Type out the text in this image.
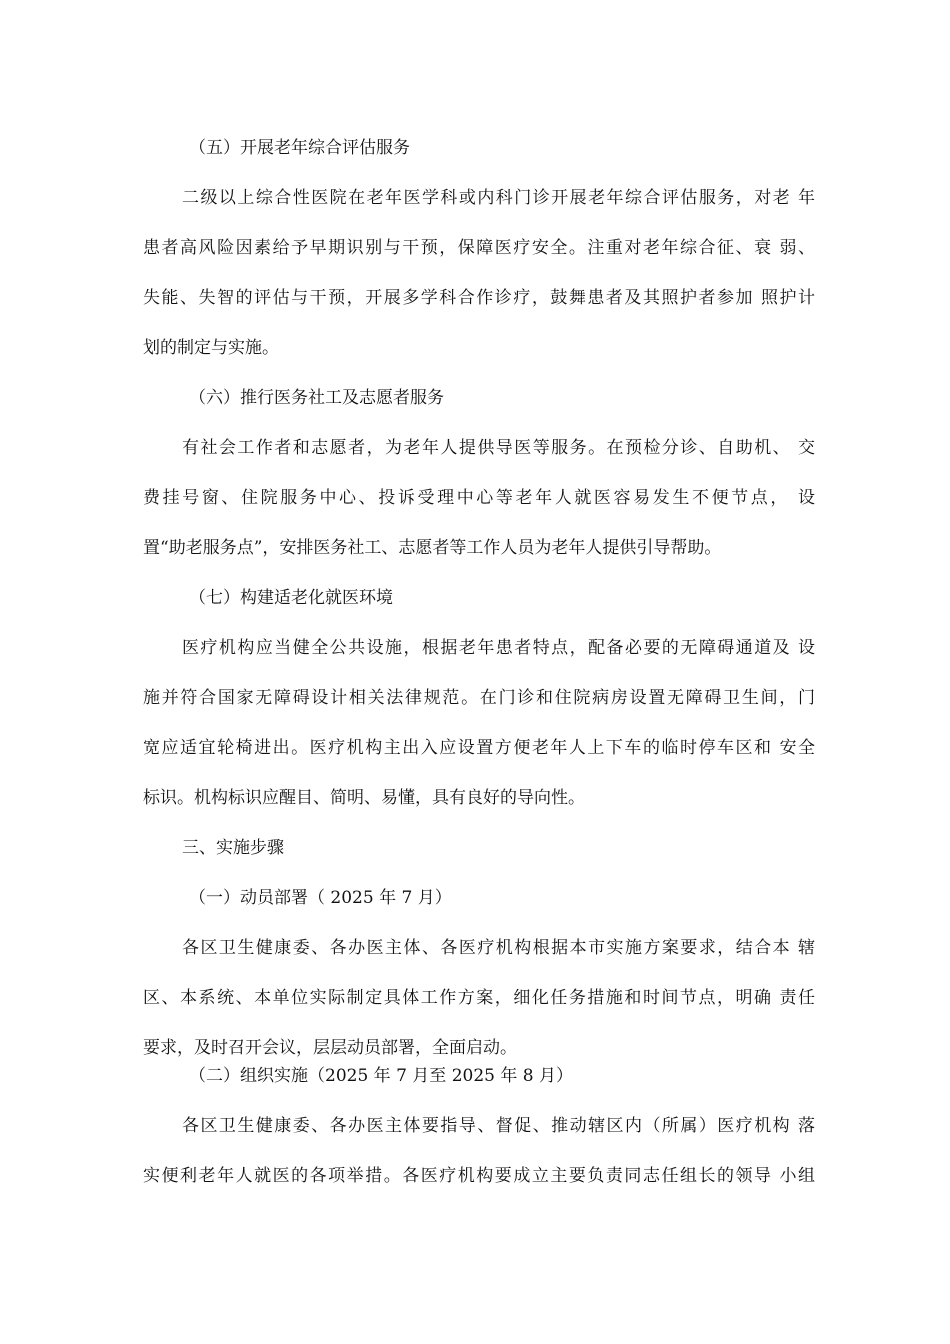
（五）开展老年综合评估服务

二级以上综合性医院在老年医学科或内科门诊开展老年综合评估服务，对老 年

患者高风险因素给予早期识别与干预，保障医疗安全。注重对老年综合征、衰 弱、

失能、失智的评估与干预，开展多学科合作诊疗，鼓舞患者及其照护者参加 照护计

划的制定与实施。

（六）推行医务社工及志愿者服务

有社会工作者和志愿者，为老年人提供导医等服务。在预检分诊、自助机、 交

费挂号窗、住院服务中心、投诉受理中心等老年人就医容易发生不便节点， 设

置“助老服务点”，安排医务社工、志愿者等工作人员为老年人提供引导帮助。

（七）构建适老化就医环境

医疗机构应当健全公共设施，根据老年患者特点，配备必要的无障碍通道及 设

施并符合国家无障碍设计相关法律规范。在门诊和住院病房设置无障碍卫生间，门

宽应适宜轮椅进出。医疗机构主出入应设置方便老年人上下车的临时停车区和 安全

标识。机构标识应醒目、简明、易懂，具有良好的导向性。

三、实施步骤

（一）动员部署（ 2025 年 7 月）

各区卫生健康委、各办医主体、各医疗机构根据本市实施方案要求，结合本 辖

区、本系统、本单位实际制定具体工作方案，细化任务措施和时间节点，明确 责任

要求，及时召开会议，层层动员部署，全面启动。

（二）组织实施（2025 年 7 月至 2025 年 8 月）

各区卫生健康委、各办医主体要指导、督促、推动辖区内（所属）医疗机构 落

实便利老年人就医的各项举措。各医疗机构要成立主要负责同志任组长的领导 小组
